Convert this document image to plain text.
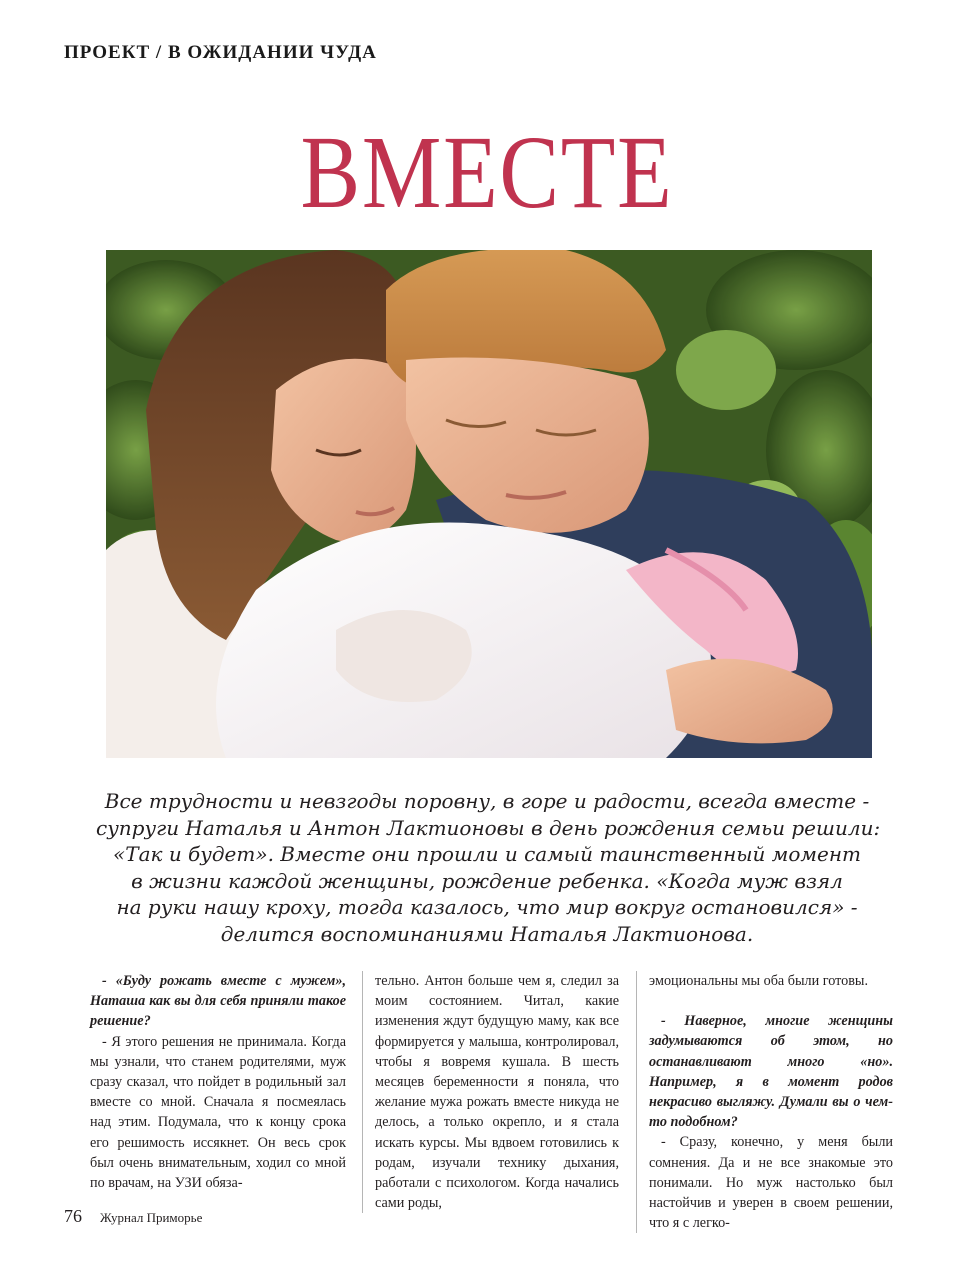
ПРОЕКТ / В ОЖИДАНИИ ЧУДА
ВМЕСТЕ
Все трудности и невзгоды поровну, в горе и радости, всегда вместе -
супруги Наталья и Антон Лактионовы в день рождения семьи решили:
«Так и будет». Вместе они прошли и самый таинственный момент
в жизни каждой женщины, рождение ребенка. «Когда муж взял
на руки нашу кроху, тогда казалось, что мир вокруг остановился» -
делится воспоминаниями Наталья Лактионова.

- «Буду рожать вместе с мужем», Наташа как вы для себя приняли такое решение?

- Я этого решения не принимала. Когда мы узнали, что станем родителями, муж сразу сказал, что пойдет в родильный зал вместе со мной. Сначала я посмеялась над этим. Подумала, что к концу срока его решимость иссякнет. Он весь срок был очень внимательным, ходил со мной по врачам, на УЗИ обяза-

тельно. Антон больше чем я, следил за моим состоянием. Читал, какие изменения ждут будущую маму, как все формируется у малыша, контролировал, чтобы я вовремя кушала. В шесть месяцев беременности я поняла, что желание мужа рожать вместе никуда не делось, а только окрепло, и я стала искать курсы. Мы вдвоем готовились к родам, изучали технику дыхания, работали с психологом. Когда начались сами роды,

эмоциональны мы оба были готовы.

- Наверное, многие женщины задумываются об этом, но останавливают много «но». Например, я в момент родов некрасиво выгляжу. Думали вы о чем-то подобном?

- Сразу, конечно, у меня были сомнения. Да и не все знакомые это понимали. Но муж настолько был настойчив и уверен в своем решении, что я с легко-

76 Журнал Приморье
